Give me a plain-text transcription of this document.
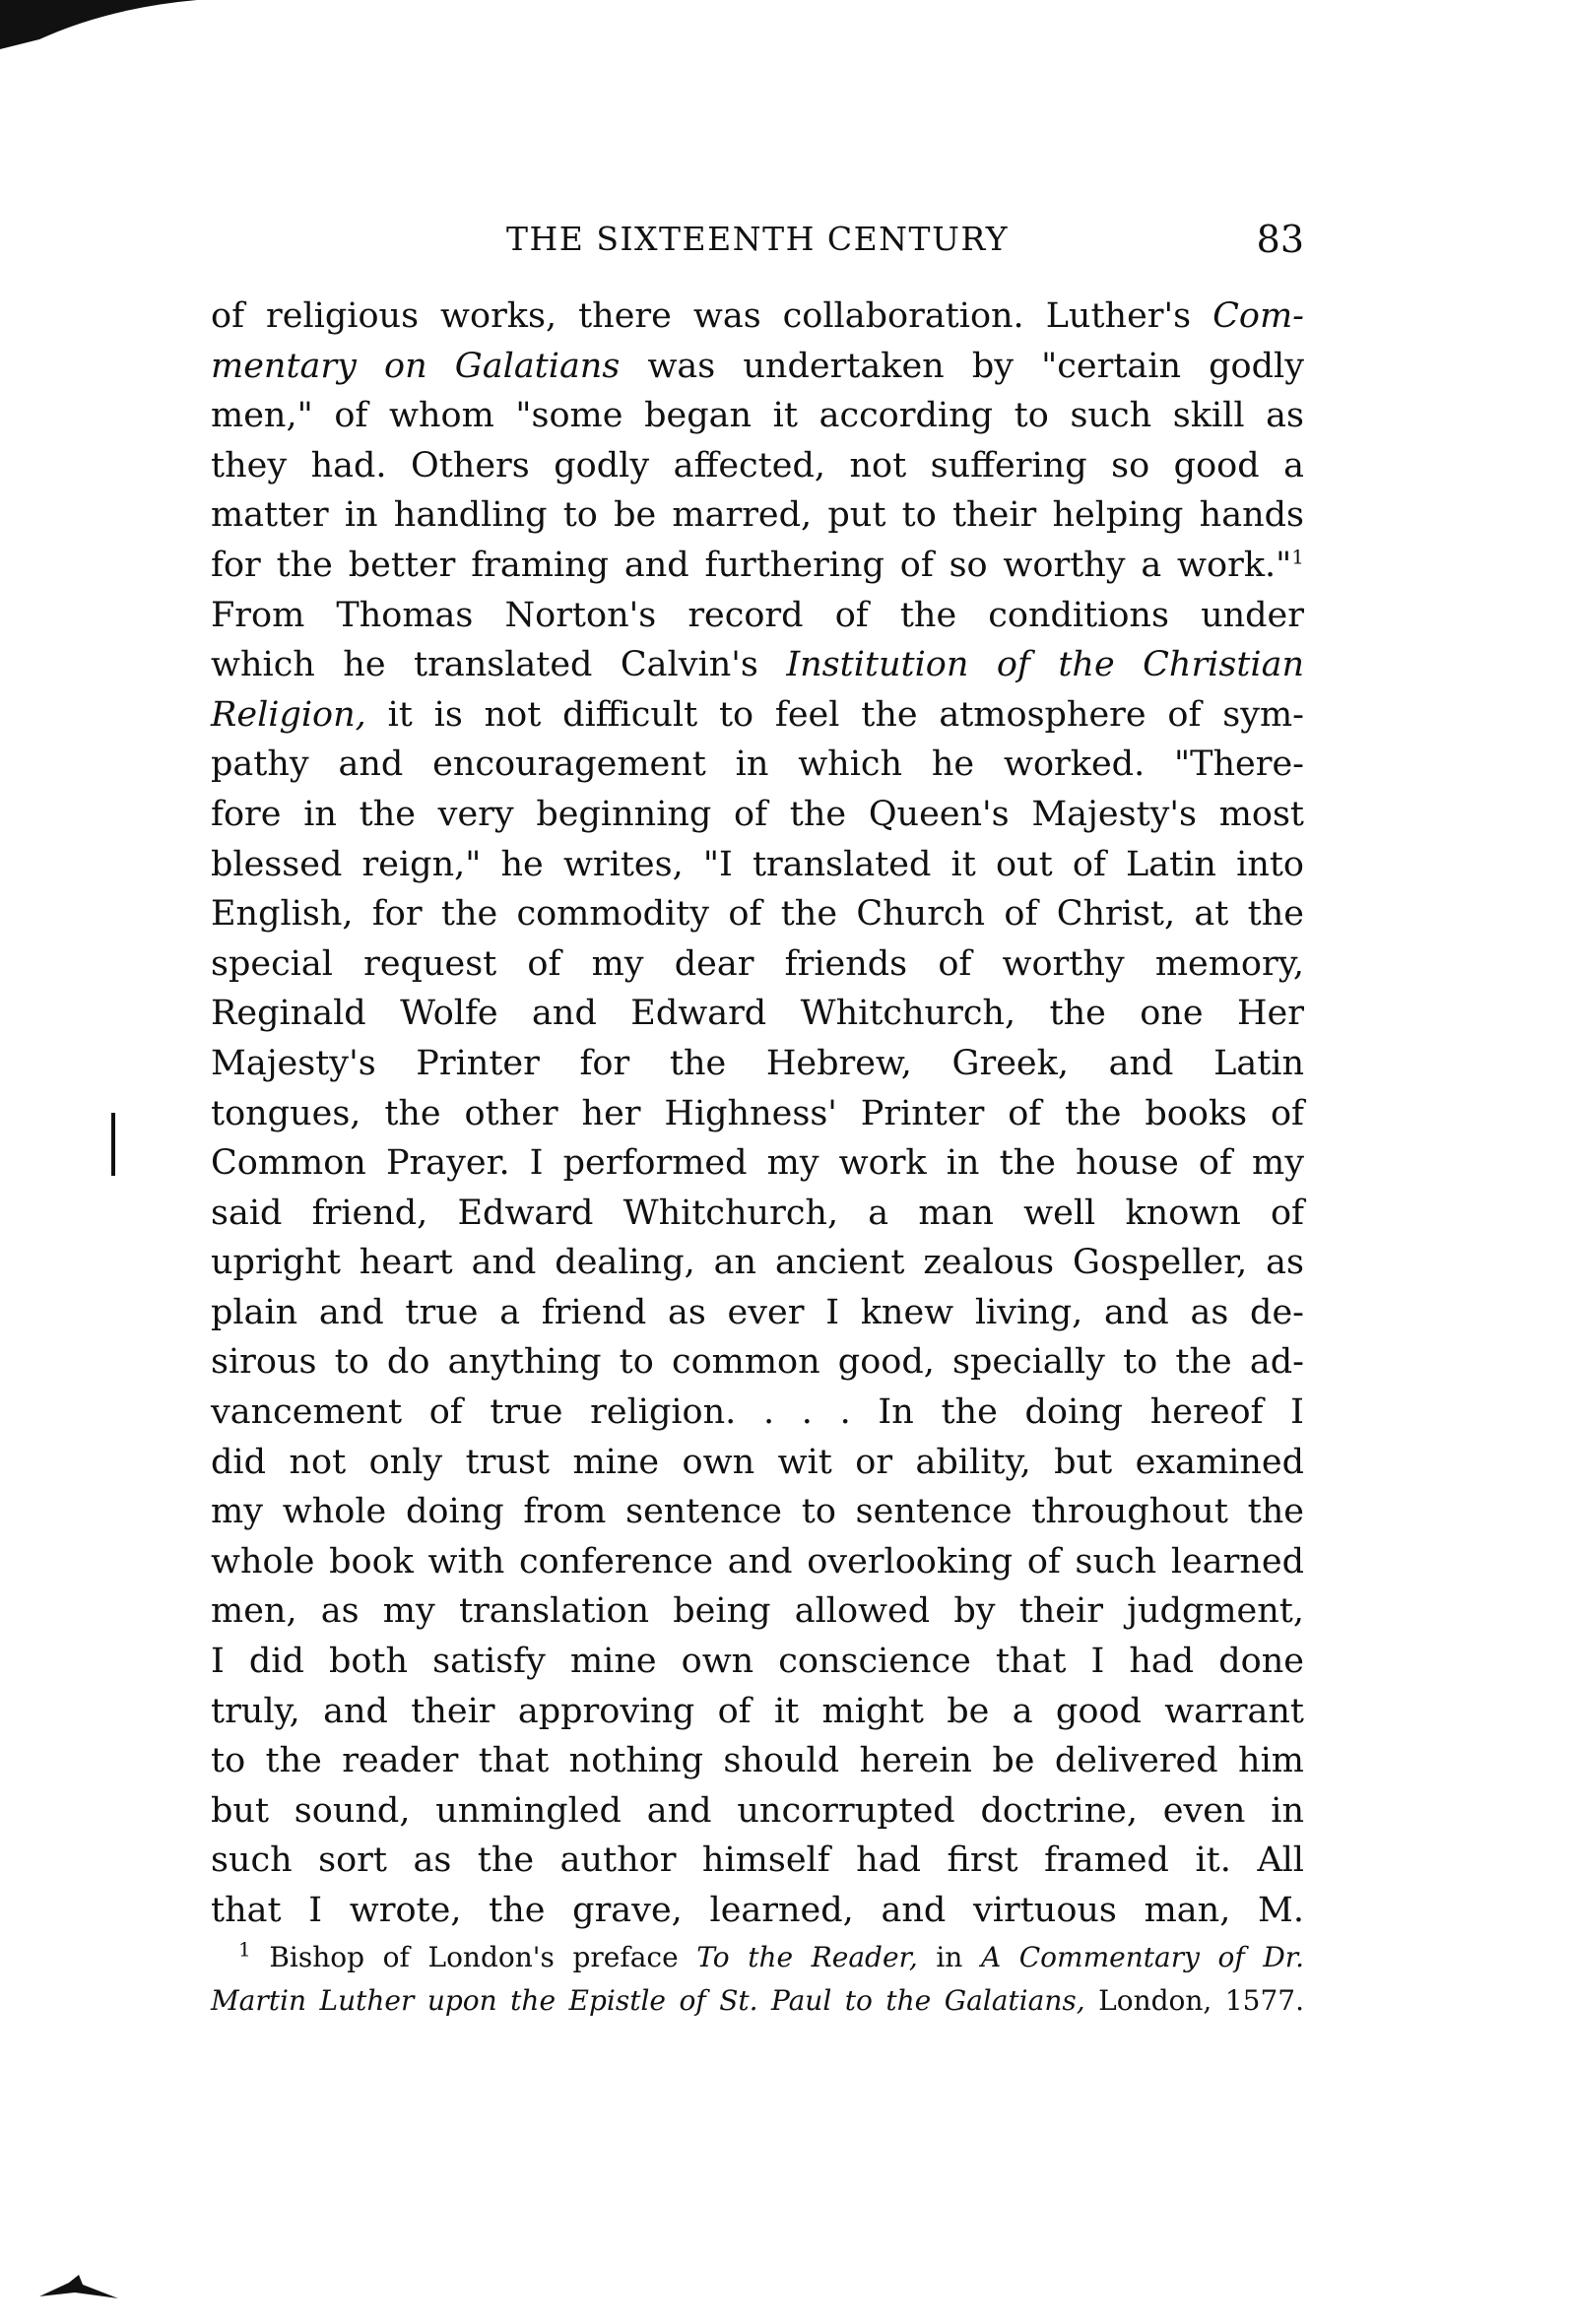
THE SIXTEENTH CENTURY	83
of religious works, there was collaboration. Luther's Com-
mentary on Galatians was undertaken by "certain godly
men," of whom "some began it according to such skill as
they had. Others godly affected, not suffering so good a
matter in handling to be marred, put to their helping hands
for the better framing and furthering of so worthy a work."$^1$
From Thomas Norton's record of the conditions under
which he translated Calvin's Institution of the Christian
Religion, it is not difficult to feel the atmosphere of sym-
pathy and encouragement in which he worked. "There-
fore in the very beginning of the Queen's Majesty's most
blessed reign," he writes, "I translated it out of Latin into
English, for the commodity of the Church of Christ, at the
special request of my dear friends of worthy memory,
Reginald Wolfe and Edward Whitchurch, the one Her
Majesty's Printer for the Hebrew, Greek, and Latin
tongues, the other her Highness' Printer of the books of
Common Prayer. I performed my work in the house of my
said friend, Edward Whitchurch, a man well known of
upright heart and dealing, an ancient zealous Gospeller, as
plain and true a friend as ever I knew living, and as de-
sirous to do anything to common good, specially to the ad-
vancement of true religion. . . . In the doing hereof I
did not only trust mine own wit or ability, but examined
my whole doing from sentence to sentence throughout the
whole book with conference and overlooking of such learned
men, as my translation being allowed by their judgment,
I did both satisfy mine own conscience that I had done
truly, and their approving of it might be a good warrant
to the reader that nothing should herein be delivered him
but sound, unmingled and uncorrupted doctrine, even in
such sort as the author himself had first framed it. All
that I wrote, the grave, learned, and virtuous man, M.
$^1$ Bishop of London's preface To the Reader, in A Commentary of Dr.
Martin Luther upon the Epistle of St. Paul to the Galatians, London, 1577.
